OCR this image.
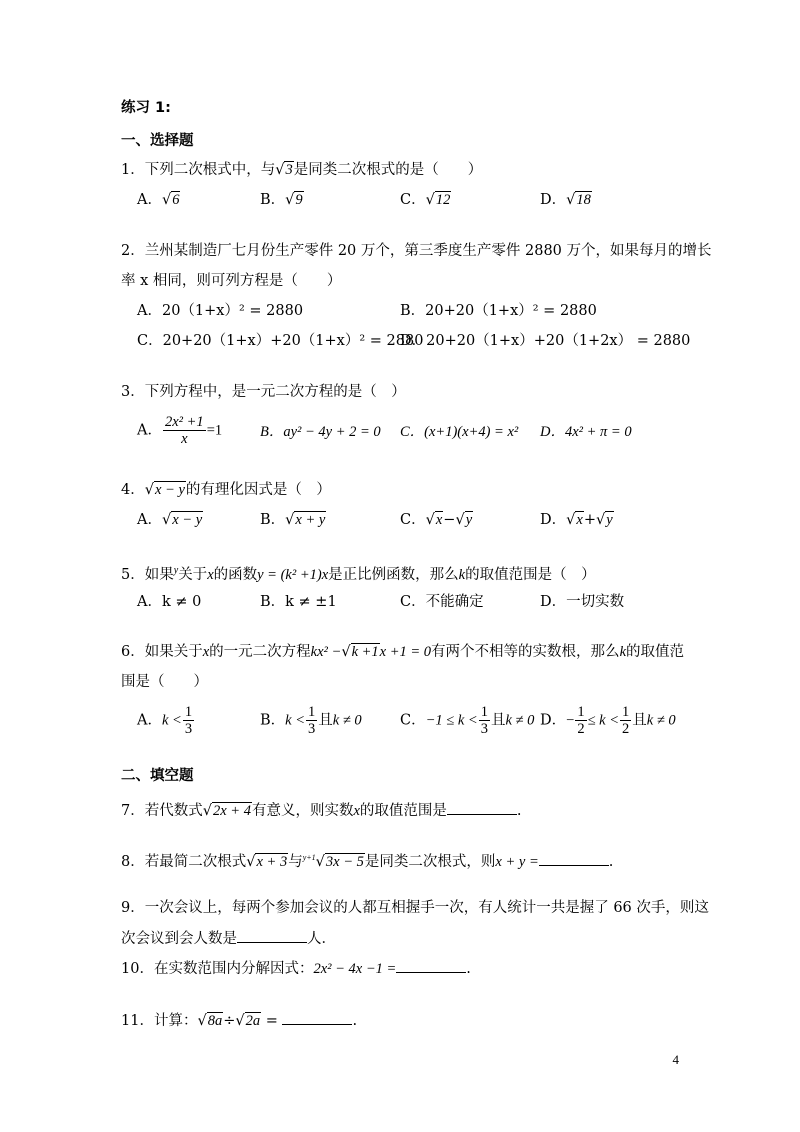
练习 1:
一、选择题
1．下列二次根式中，与√3是同类二次根式的是（　　）
A．√6	B．√9	C．√12	D．√18
2．兰州某制造厂七月份生产零件 20 万个，第三季度生产零件 2880 万个，如果每月的增长
率 x 相同，则可列方程是（　　）
A．20（1+x）² = 2880	B．20+20（1+x）² = 2880
C．20+20（1+x）+20（1+x）² = 2880
D．20+20（1+x）+20（1+2x） = 2880
3．下列方程中，是一元二次方程的是（　）
A． $\frac{\text{2x² +1}}{x} =1$	B．ay² − 4y + 2 = 0 C．(x+1)(x+4) = x² D．4x² + π = 0
4．√x − y的有理化因式是（　）
A．√x − y	B．√x + y	C．√x−√y	D．√x+√y
5．如果$^y$关于x的函数y = (k² +1)x是正比例函数，那么k的取值范围是（　）
A．k ≠ 0	B．k ≠ ±1	C．不能确定	D．一切实数
6．如果关于x的一元二次方程kx² −√k +1x +1 = 0有两个不相等的实数根，那么k的取值范
围是（　　）
A．$k < \frac{1}{3}$	B．$k < \frac{1}{3}$ 且k ≠ 0	C．$-1 \le k < \frac{1}{3}$ 且k ≠ 0 D．− $\frac{1}{2} \le k < \frac{1}{2}$ 且k ≠ 0
二、填空题
7．若代数式√2x + 4有意义，则实数x的取值范围是	.
8．若最简二次根式√x + 3与$^{y+1}$√3x − 5是同类二次根式，则x + y =	.
9．一次会议上，每两个参加会议的人都互相握手一次，有人统计一共是握了 66 次手，则这
次会议到会人数是	人．
10．在实数范围内分解因式：2x² − 4x −1 =	.
11．计算：√8a÷√2a =	.
4
